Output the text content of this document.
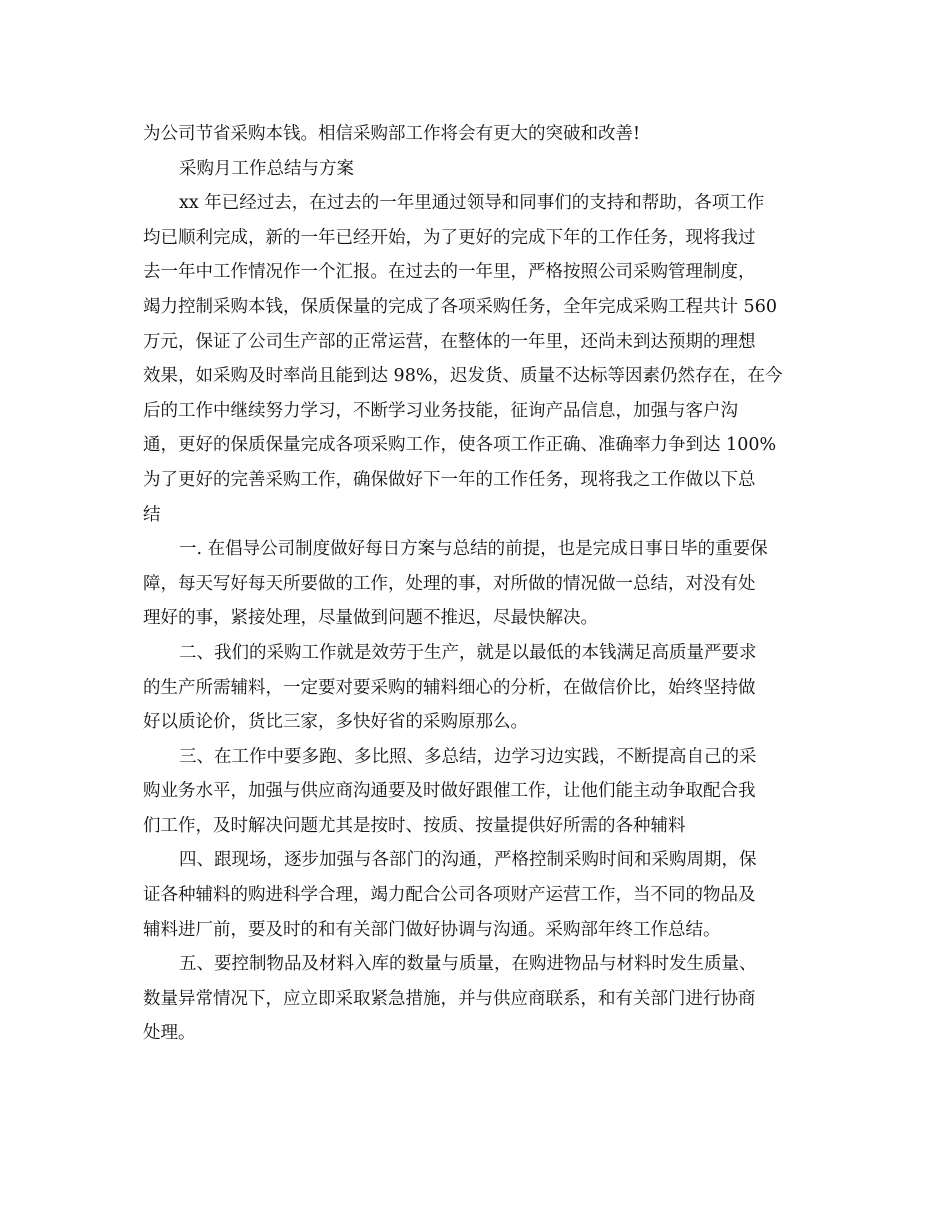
为公司节省采购本钱。相信采购部工作将会有更大的突破和改善!

采购月工作总结与方案

xx 年已经过去，在过去的一年里通过领导和同事们的支持和帮助，各项工作

均已顺利完成，新的一年已经开始，为了更好的完成下年的工作任务，现将我过

去一年中工作情况作一个汇报。在过去的一年里，严格按照公司采购管理制度，

竭力控制采购本钱，保质保量的完成了各项采购任务，全年完成采购工程共计 560

万元，保证了公司生产部的正常运营，在整体的一年里，还尚未到达预期的理想

效果，如采购及时率尚且能到达 98%，迟发货、质量不达标等因素仍然存在，在今

后的工作中继续努力学习，不断学习业务技能，征询产品信息，加强与客户沟

通，更好的保质保量完成各项采购工作，使各项工作正确、准确率力争到达 100%

为了更好的完善采购工作，确保做好下一年的工作任务，现将我之工作做以下总

结

一. 在倡导公司制度做好每日方案与总结的前提，也是完成日事日毕的重要保

障，每天写好每天所要做的工作，处理的事，对所做的情况做一总结，对没有处

理好的事，紧接处理，尽量做到问题不推迟，尽最快解决。

二、我们的采购工作就是效劳于生产，就是以最低的本钱满足高质量严要求

的生产所需辅料，一定要对要采购的辅料细心的分析，在做信价比，始终坚持做

好以质论价，货比三家，多快好省的采购原那么。

三、在工作中要多跑、多比照、多总结，边学习边实践，不断提高自己的采

购业务水平，加强与供应商沟通要及时做好跟催工作，让他们能主动争取配合我

们工作，及时解决问题尤其是按时、按质、按量提供好所需的各种辅料

四、跟现场，逐步加强与各部门的沟通，严格控制采购时间和采购周期，保

证各种辅料的购进科学合理，竭力配合公司各项财产运营工作，当不同的物品及

辅料进厂前，要及时的和有关部门做好协调与沟通。采购部年终工作总结。

五、要控制物品及材料入库的数量与质量，在购进物品与材料时发生质量、

数量异常情况下，应立即采取紧急措施，并与供应商联系，和有关部门进行协商

处理。
